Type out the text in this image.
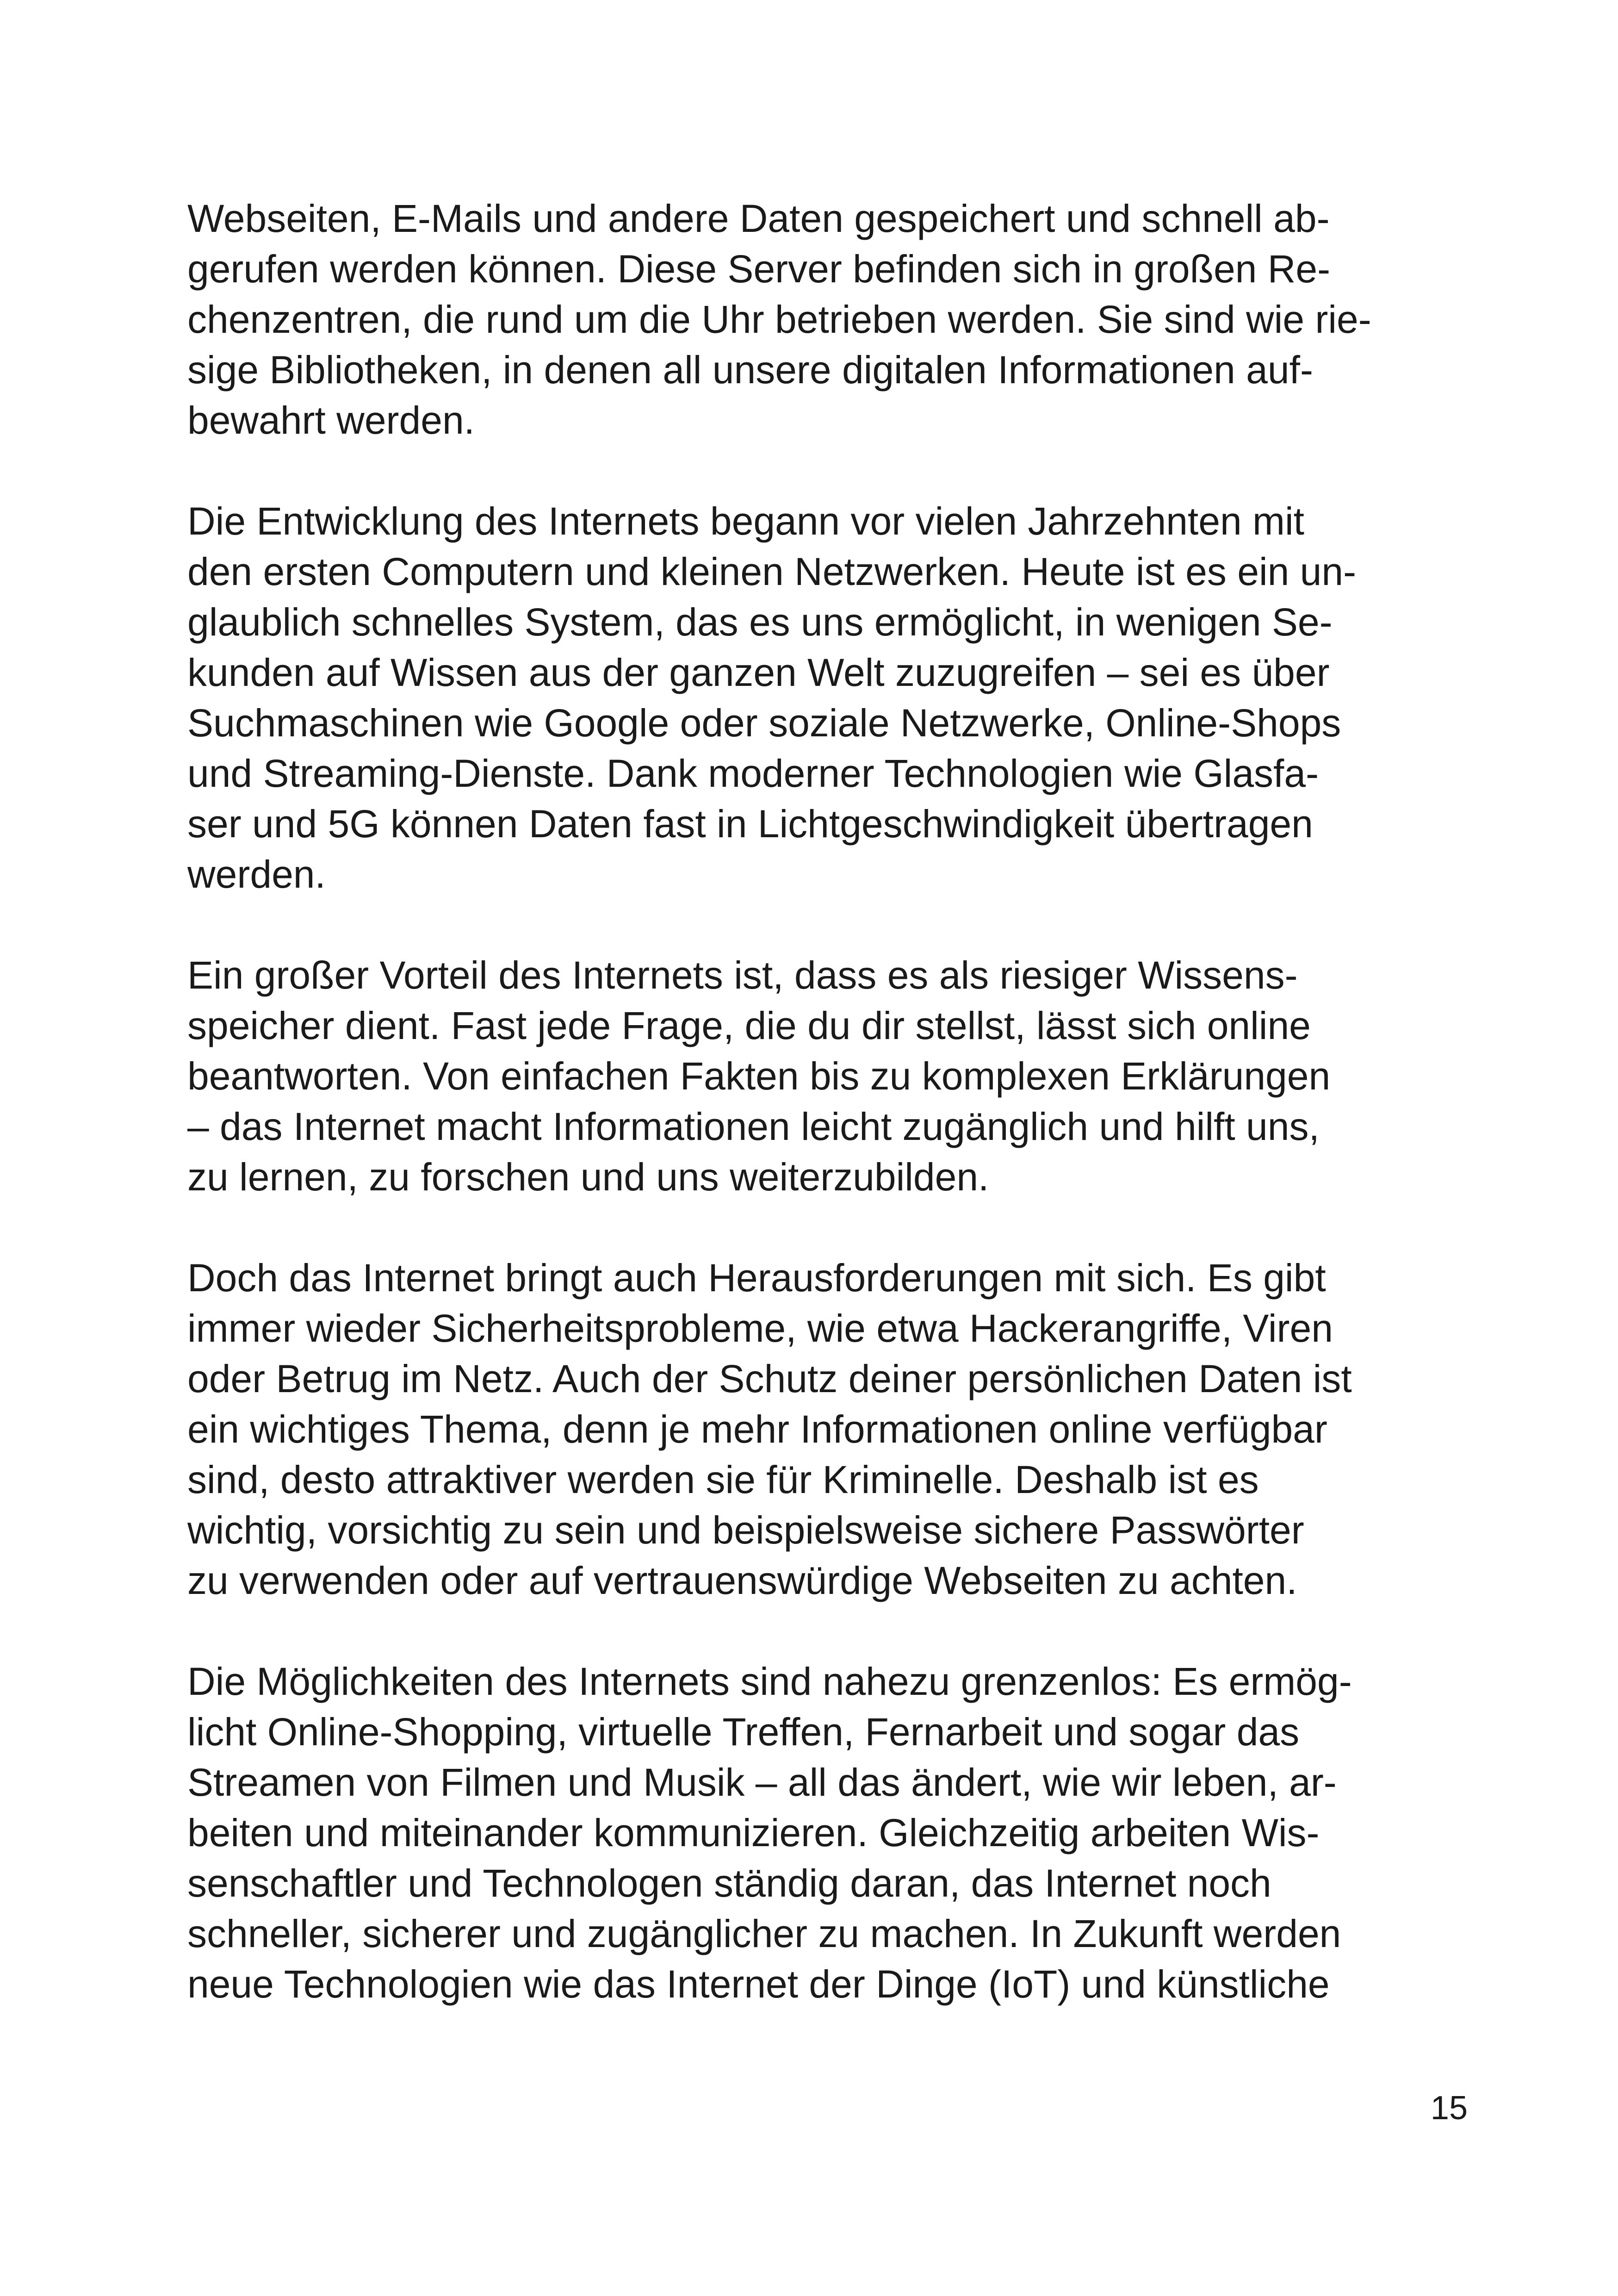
Webseiten, E-Mails und andere Daten gespeichert und schnell ab-
gerufen werden können. Diese Server befinden sich in großen Re-
chenzentren, die rund um die Uhr betrieben werden. Sie sind wie rie-
sige Bibliotheken, in denen all unsere digitalen Informationen auf-
bewahrt werden.

Die Entwicklung des Internets begann vor vielen Jahrzehnten mit
den ersten Computern und kleinen Netzwerken. Heute ist es ein un-
glaublich schnelles System, das es uns ermöglicht, in wenigen Se-
kunden auf Wissen aus der ganzen Welt zuzugreifen – sei es über
Suchmaschinen wie Google oder soziale Netzwerke, Online-Shops
und Streaming-Dienste. Dank moderner Technologien wie Glasfa-
ser und 5G können Daten fast in Lichtgeschwindigkeit übertragen
werden.

Ein großer Vorteil des Internets ist, dass es als riesiger Wissens-
speicher dient. Fast jede Frage, die du dir stellst, lässt sich online
beantworten. Von einfachen Fakten bis zu komplexen Erklärungen
– das Internet macht Informationen leicht zugänglich und hilft uns,
zu lernen, zu forschen und uns weiterzubilden.

Doch das Internet bringt auch Herausforderungen mit sich. Es gibt
immer wieder Sicherheitsprobleme, wie etwa Hackerangriffe, Viren
oder Betrug im Netz. Auch der Schutz deiner persönlichen Daten ist
ein wichtiges Thema, denn je mehr Informationen online verfügbar
sind, desto attraktiver werden sie für Kriminelle. Deshalb ist es
wichtig, vorsichtig zu sein und beispielsweise sichere Passwörter
zu verwenden oder auf vertrauenswürdige Webseiten zu achten.

Die Möglichkeiten des Internets sind nahezu grenzenlos: Es ermög-
licht Online-Shopping, virtuelle Treffen, Fernarbeit und sogar das
Streamen von Filmen und Musik – all das ändert, wie wir leben, ar-
beiten und miteinander kommunizieren. Gleichzeitig arbeiten Wis-
senschaftler und Technologen ständig daran, das Internet noch
schneller, sicherer und zugänglicher zu machen. In Zukunft werden
neue Technologien wie das Internet der Dinge (IoT) und künstliche

15
